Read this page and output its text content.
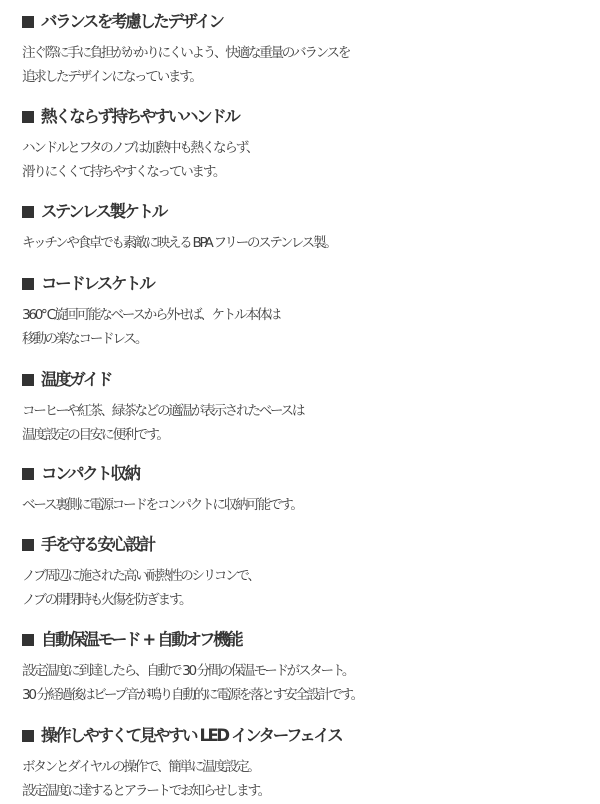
バランスを考慮したデザイン
注ぐ際に手に負担がかかりにくいよう、快適な重量のバランスを
追求したデザインになっています。
熱くならず持ちやすいハンドル
ハンドルとフタのノブは加熱中も熱くならず、
滑りにくくて持ちやすくなっています。
ステンレス製ケトル
キッチンや食卓でも素敵に映える BPA フリーのステンレス製。
コードレスケトル
360℃旋回可能なベースから外せば、ケトル本体は
移動の楽なコードレス。
温度ガイド
コーヒーや紅茶、緑茶などの適温が表示されたベースは
温度設定の目安に便利です。
コンパクト収納
ベース裏側に電源コードをコンパクトに収納可能です。
手を守る安心設計
ノブ周辺に施された高い耐熱性のシリコンで、
ノブの開閉時も火傷を防ぎます。
自動保温モード + 自動オフ機能
設定温度に到達したら、自動で 30 分間の保温モードがスタート。
30 分経過後はビープ音が鳴り自動的に電源を落とす安全設計です。
操作しやすくて見やすい LED インターフェイス
ボタンとダイヤルの操作で、簡単に温度設定。
設定温度に達するとアラートでお知らせします。
